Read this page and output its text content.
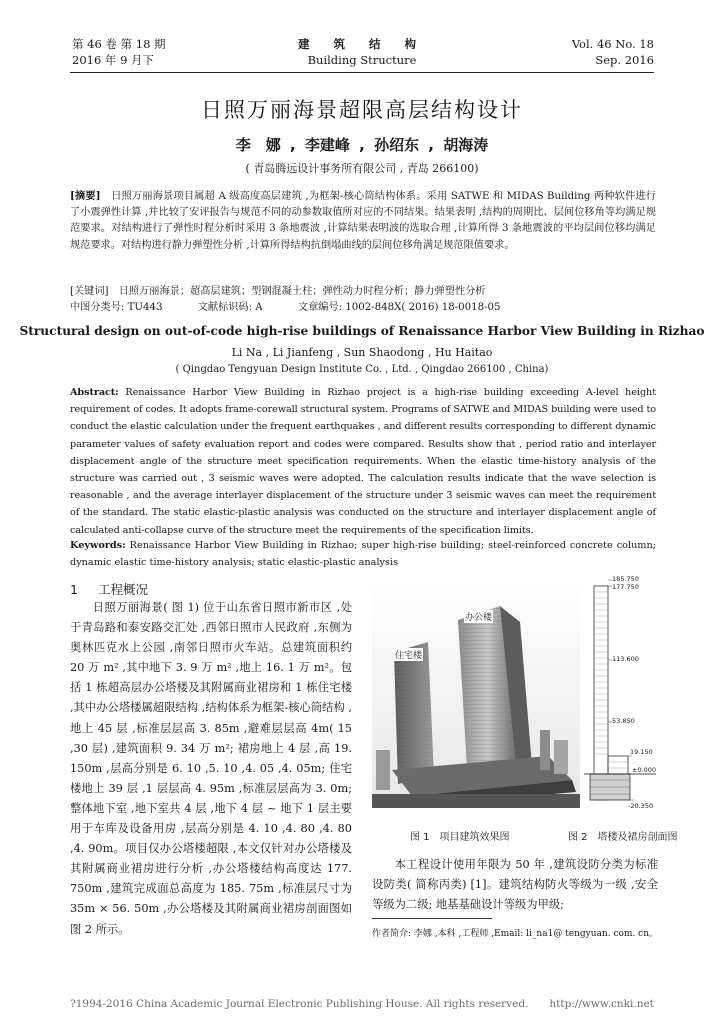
第 46 卷 第 18 期
2016 年 9 月下
建 筑 结 构
Building Structure
Vol. 46 No. 18
Sep. 2016
日照万丽海景超限高层结构设计
李　娜 , 李建峰 , 孙绍东 , 胡海涛
( 青岛腾远设计事务所有限公司 , 青岛 266100)
[摘要]　日照万丽海景项目属超 A 级高度高层建筑 ,为框架-核心筒结构体系。采用 SATWE 和 MIDAS Building 两种软件进行了小震弹性计算 ,并比较了安评报告与规范不同的动参数取值所对应的不同结果。结果表明 ,结构的周期比、层间位移角等均满足规范要求。对结构进行了弹性时程分析时采用 3 条地震波 ,计算结果表明波的选取合理 ,计算所得 3 条地震波的平均层间位移均满足规范要求。对结构进行静力弹塑性分析 ,计算所得结构抗倒塌曲线的层间位移角满足规范限值要求。
[关键词]　日照万丽海景；超高层建筑；型钢混凝土柱；弹性动力时程分析；静力弹塑性分析
中图分类号: TU443	文献标识码: A	文章编号: 1002-848X( 2016) 18-0018-05
Structural design on out-of-code high-rise buildings of Renaissance Harbor View Building in Rizhao
Li Na , Li Jianfeng , Sun Shaodong , Hu Haitao
( Qingdao Tengyuan Design Institute Co. , Ltd. , Qingdao 266100 , China)
Abstract: Renaissance Harbor View Building in Rizhao project is a high-rise building exceeding A-level height requirement of codes. It adopts frame-corewall structural system. Programs of SATWE and MIDAS building were used to conduct the elastic calculation under the frequent earthquakes , and different results corresponding to different dynamic parameter values of safety evaluation report and codes were compared. Results show that , period ratio and interlayer displacement angle of the structure meet specification requirements. When the elastic time-history analysis of the structure was carried out , 3 seismic waves were adopted. The calculation results indicate that the wave selection is reasonable , and the average interlayer displacement of the structure under 3 seismic waves can meet the requirement of the standard. The static elastic-plastic analysis was conducted on the structure and interlayer displacement angle of calculated anti-collapse curve of the structure meet the requirements of the specification limits.
Keywords: Renaissance Harbor View Building in Rizhao; super high-rise building; steel-reinforced concrete column; dynamic elastic time-history analysis; static elastic-plastic analysis
1 工程概况

日照万丽海景( 图 1) 位于山东省日照市新市区 ,处于青岛路和泰安路交汇处 ,西邻日照市人民政府 ,东侧为奥林匹克水上公园 ,南邻日照市火车站。总建筑面积约 20 万 m² ,其中地下 3. 9 万 m² ,地上 16. 1 万 m²。包括 1 栋超高层办公塔楼及其附属商业裙房和 1 栋住宅楼 ,其中办公塔楼属超限结构 ,结构体系为框架-核心筒结构 ,地上 45 层 ,标准层层高 3. 85m ,避难层层高 4m( 15 ,30 层) ,建筑面积 9. 34 万 m²; 裙房地上 4 层 ,高 19. 150m ,层高分别是 6. 10 ,5. 10 ,4. 05 ,4. 05m; 住宅楼地上 39 层 ,1 层层高 4. 95m ,标准层层高为 3. 0m; 整体地下室 ,地下室共 4 层 ,地下 4 层 ~ 地下 1 层主要用于车库及设备用房 ,层高分别是 4. 10 ,4. 80 ,4. 80 ,4. 90m。项目仅办公塔楼超限 ,本文仅针对办公塔楼及其附属商业裙房进行分析 ,办公塔楼结构高度达 177. 750m ,建筑完成面总高度为 185. 75m ,标准层尺寸为 35m × 56. 50m ,办公塔楼及其附属商业裙房剖面图如图 2 所示。

办公楼
住宅楼
185.750
177.750
113.600
53.850
19.150
±0.000
-20.350
图 1　项目建筑效果图	图 2　塔楼及裙房剖面图

本工程设计使用年限为 50 年 ,建筑设防分类为标准设防类( 简称丙类) [1]。建筑结构防火等级为一级 ,安全等级为二级; 地基基础设计等级为甲级;

作者简介: 李娜 ,本科 ,工程师 ,Email: li_na1@ tengyuan. com. cn。
?1994-2016 China Academic Journal Electronic Publishing House. All rights reserved.　　http://www.cnki.net
